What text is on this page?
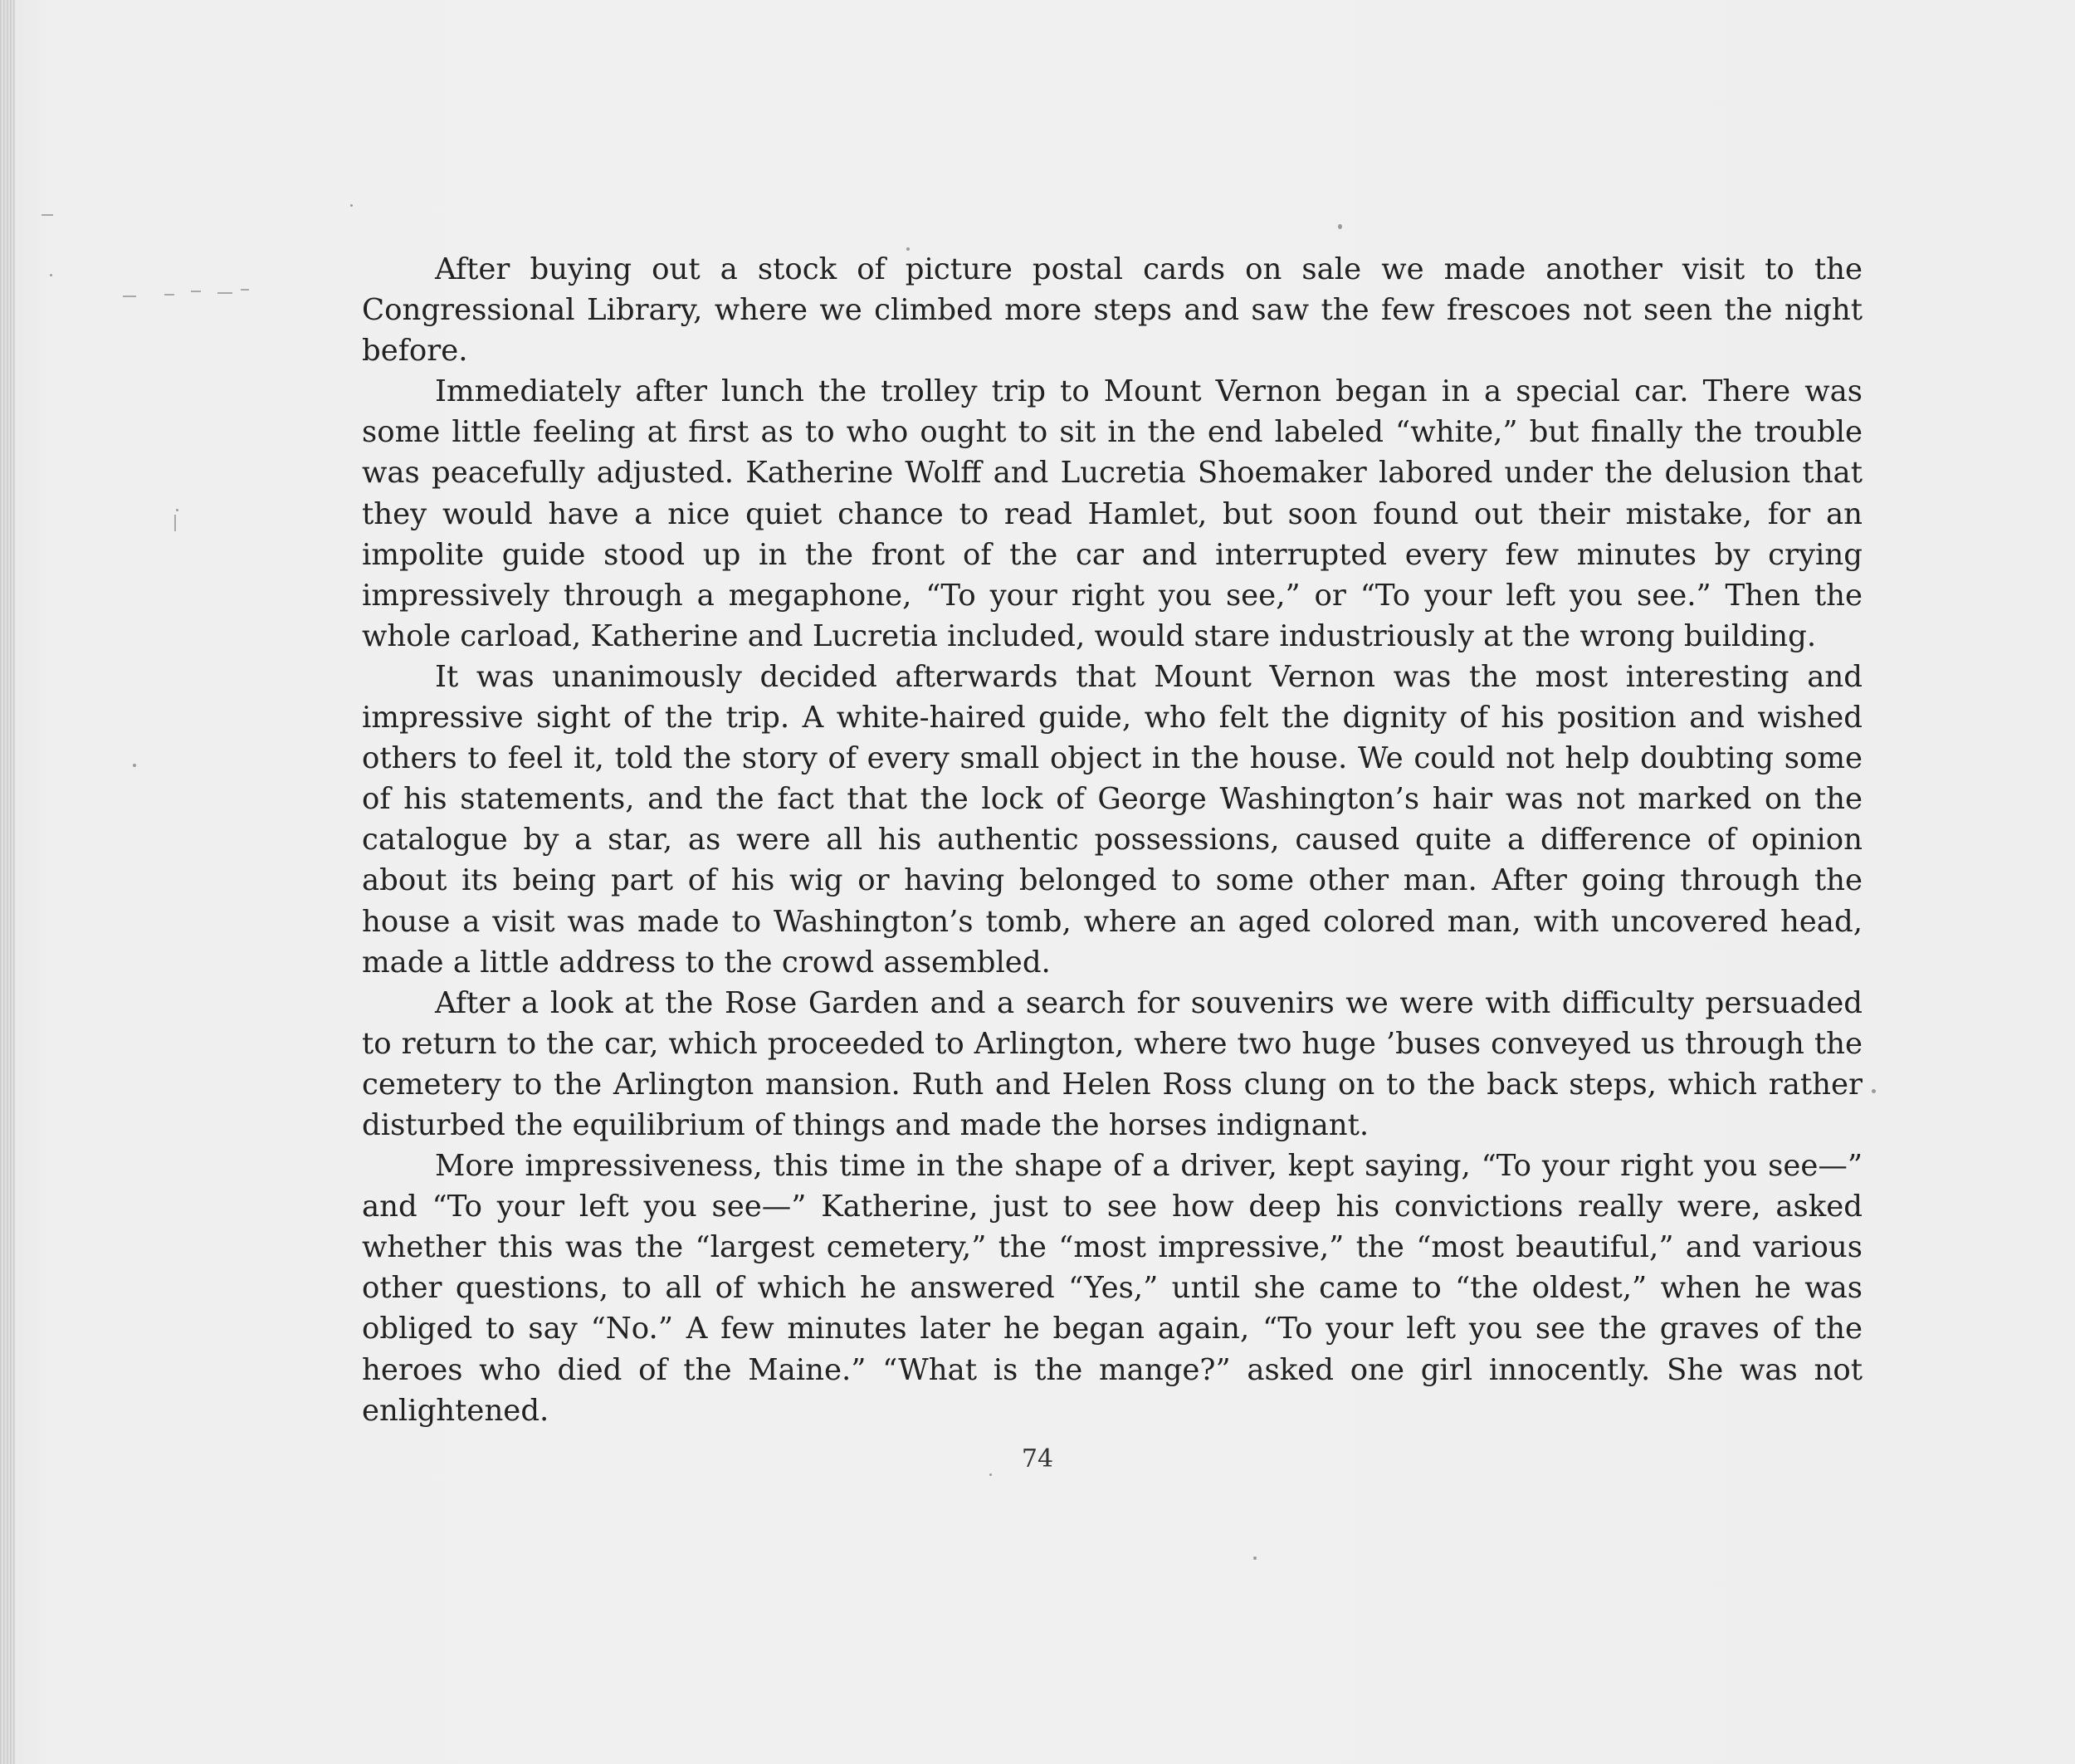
After buying out a stock of picture postal cards on sale we made another visit to the Congressional Library, where we climbed more steps and saw the few frescoes not seen the night before.

Immediately after lunch the trolley trip to Mount Vernon began in a special car. There was some little feeling at first as to who ought to sit in the end labeled “white,” but finally the trouble was peacefully adjusted. Katherine Wolff and Lucretia Shoemaker labored under the delusion that they would have a nice quiet chance to read Hamlet, but soon found out their mistake, for an impolite guide stood up in the front of the car and interrupted every few minutes by crying impressively through a megaphone, “To your right you see,” or “To your left you see.” Then the whole carload, Katherine and Lucretia included, would stare industriously at the wrong building.

It was unanimously decided afterwards that Mount Vernon was the most interesting and impressive sight of the trip. A white-haired guide, who felt the dignity of his position and wished others to feel it, told the story of every small object in the house. We could not help doubting some of his statements, and the fact that the lock of George Washington’s hair was not marked on the catalogue by a star, as were all his authentic possessions, caused quite a difference of opinion about its being part of his wig or having belonged to some other man. After going through the house a visit was made to Washington’s tomb, where an aged colored man, with uncovered head, made a little address to the crowd assembled.

After a look at the Rose Garden and a search for souvenirs we were with difficulty persuaded to return to the car, which proceeded to Arlington, where two huge ’buses conveyed us through the cemetery to the Arlington mansion. Ruth and Helen Ross clung on to the back steps, which rather disturbed the equilibrium of things and made the horses indignant.

More impressiveness, this time in the shape of a driver, kept saying, “To your right you see—” and “To your left you see—” Katherine, just to see how deep his convictions really were, asked whether this was the “largest cemetery,” the “most impressive,” the “most beautiful,” and various other questions, to all of which he answered “Yes,” until she came to “the oldest,” when he was obliged to say “No.” A few minutes later he began again, “To your left you see the graves of the heroes who died of the Maine.” “What is the mange?” asked one girl innocently. She was not enlightened.

74
